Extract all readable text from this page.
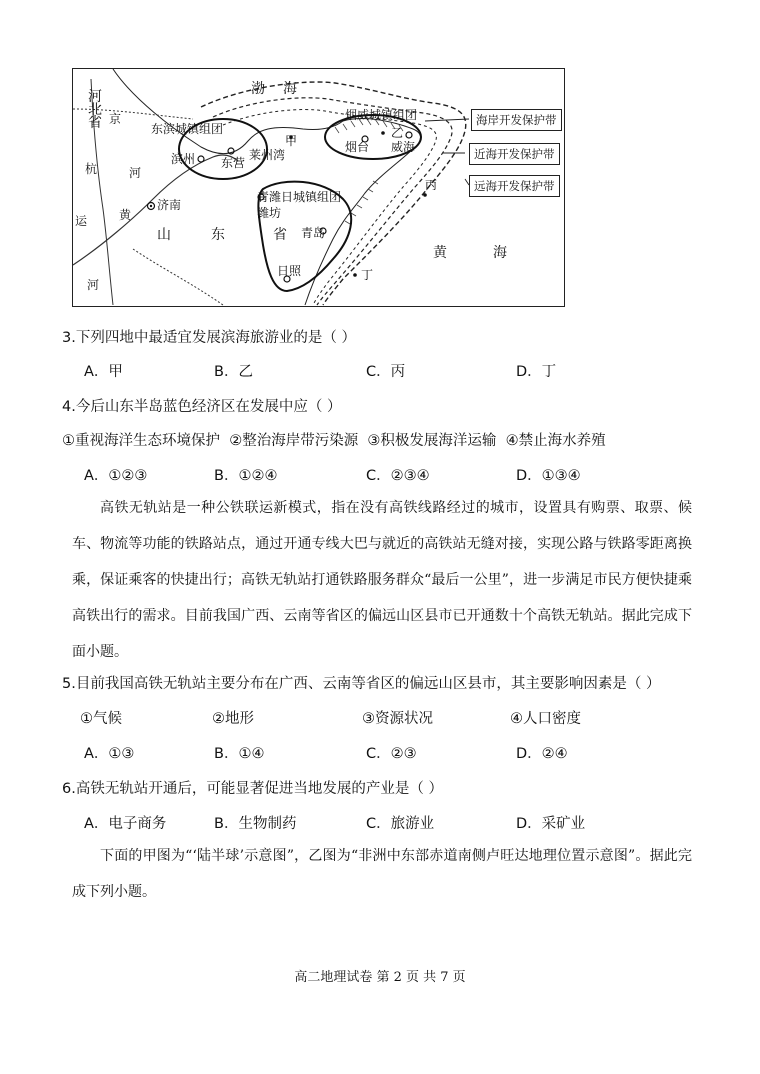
河北省 京
杭
运
河
河
黄
渤海
烟威城镇组团
东滨城镇组团
甲
莱州湾
烟台
乙
威海
滨州 东营
济南
山东
青潍日城镇组团
潍坊
省 青岛
丙
日照	丁
黄海
海岸开发保护带
近海开发保护带
远海开发保护带
3.下列四地中最适宜发展滨海旅游业的是（ ）
A．甲	B．乙	C．丙	D．丁
4.今后山东半岛蓝色经济区在发展中应（ ）
①重视海洋生态环境保护  ②整治海岸带污染源  ③积极发展海洋运输  ④禁止海水养殖
A．①②③	B．①②④	C．②③④	D．①③④
高铁无轨站是一种公铁联运新模式，指在没有高铁线路经过的城市，设置具有购票、取票、候车、物流等功能的铁路站点，通过开通专线大巴与就近的高铁站无缝对接，实现公路与铁路零距离换乘，保证乘客的快捷出行；高铁无轨站打通铁路服务群众“最后一公里”，进一步满足市民方便快捷乘高铁出行的需求。目前我国广西、云南等省区的偏远山区县市已开通数十个高铁无轨站。据此完成下面小题。
5.目前我国高铁无轨站主要分布在广西、云南等省区的偏远山区县市，其主要影响因素是（ ）
①气候	②地形	③资源状况	④人口密度
A．①③	B．①④	C．②③	D．②④
6.高铁无轨站开通后，可能显著促进当地发展的产业是（ ）
A．电子商务	B．生物制药	C．旅游业	D．采矿业
下面的甲图为“‘陆半球’示意图”，乙图为“非洲中东部赤道南侧卢旺达地理位置示意图”。据此完成下列小题。
高二地理试卷 第 2 页 共 7 页
